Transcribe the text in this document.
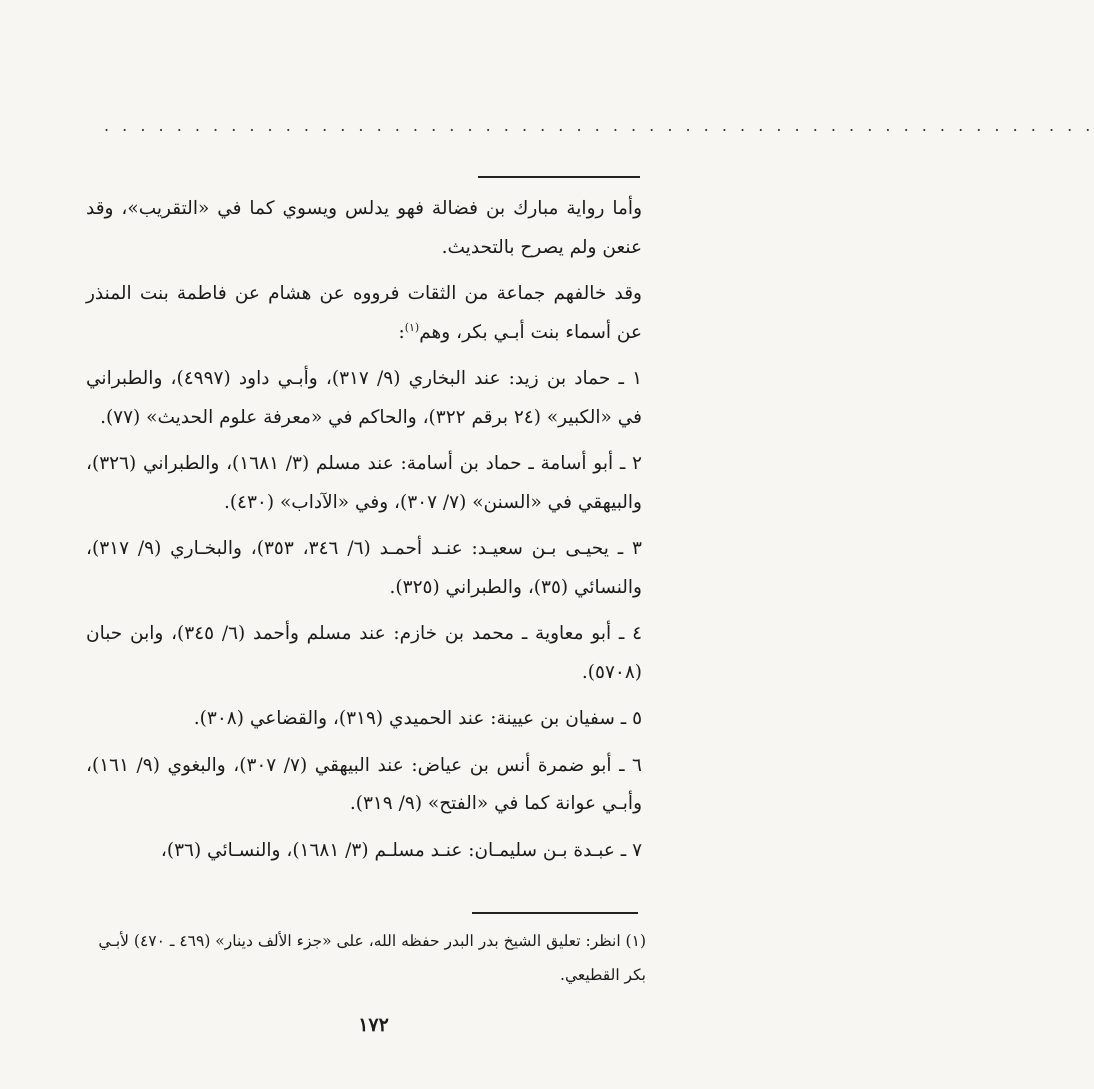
. . . . . . . . . . . . . . . . . . . . . . . . . . . . . . . . . . . . . . . . . . . . . . . . . . . . . . .

وأما رواية مبارك بن فضالة فهو يدلس ويسوي كما في «التقريب»، وقد عنعن ولم يصرح بالتحديث.

وقد خالفهم جماعة من الثقات فرووه عن هشام عن فاطمة بنت المنذر عن أسماء بنت أبـي بكر، وهم$^{(١)}$:

١ ـ حماد بن زيد: عند البخاري (٩/ ٣١٧)، وأبـي داود (٤٩٩٧)، والطبراني في «الكبير» (٢٤ برقم ٣٢٢)، والحاكم في «معرفة علوم الحديث» (٧٧).

٢ ـ أبو أسامة ـ حماد بن أسامة: عند مسلم (٣/ ١٦٨١)، والطبراني (٣٢٦)، والبيهقي في «السنن» (٧/ ٣٠٧)، وفي «الآداب» (٤٣٠).

٣ ـ يحيـى بـن سعيـد: عنـد أحمـد (٦/ ٣٤٦، ٣٥٣)، والبخـاري (٩/ ٣١٧)، والنسائي (٣٥)، والطبراني (٣٢٥).

٤ ـ أبو معاوية ـ محمد بن خازم: عند مسلم وأحمد (٦/ ٣٤٥)، وابن حبان (٥٧٠٨).

٥ ـ سفيان بن عيينة: عند الحميدي (٣١٩)، والقضاعي (٣٠٨).

٦ ـ أبو ضمرة أنس بن عياض: عند البيهقي (٧/ ٣٠٧)، والبغوي (٩/ ١٦١)، وأبـي عوانة كما في «الفتح» (٩/ ٣١٩).

٧ ـ عبـدة بـن سليمـان: عنـد مسلـم (٣/ ١٦٨١)، والنسـائي (٣٦)،

(١) انظر: تعليق الشيخ بدر البدر حفظه الله، على «جزء الألف دينار» (٤٦٩ ـ ٤٧٠) لأبـي بكر القطيعي.

١٧٢
